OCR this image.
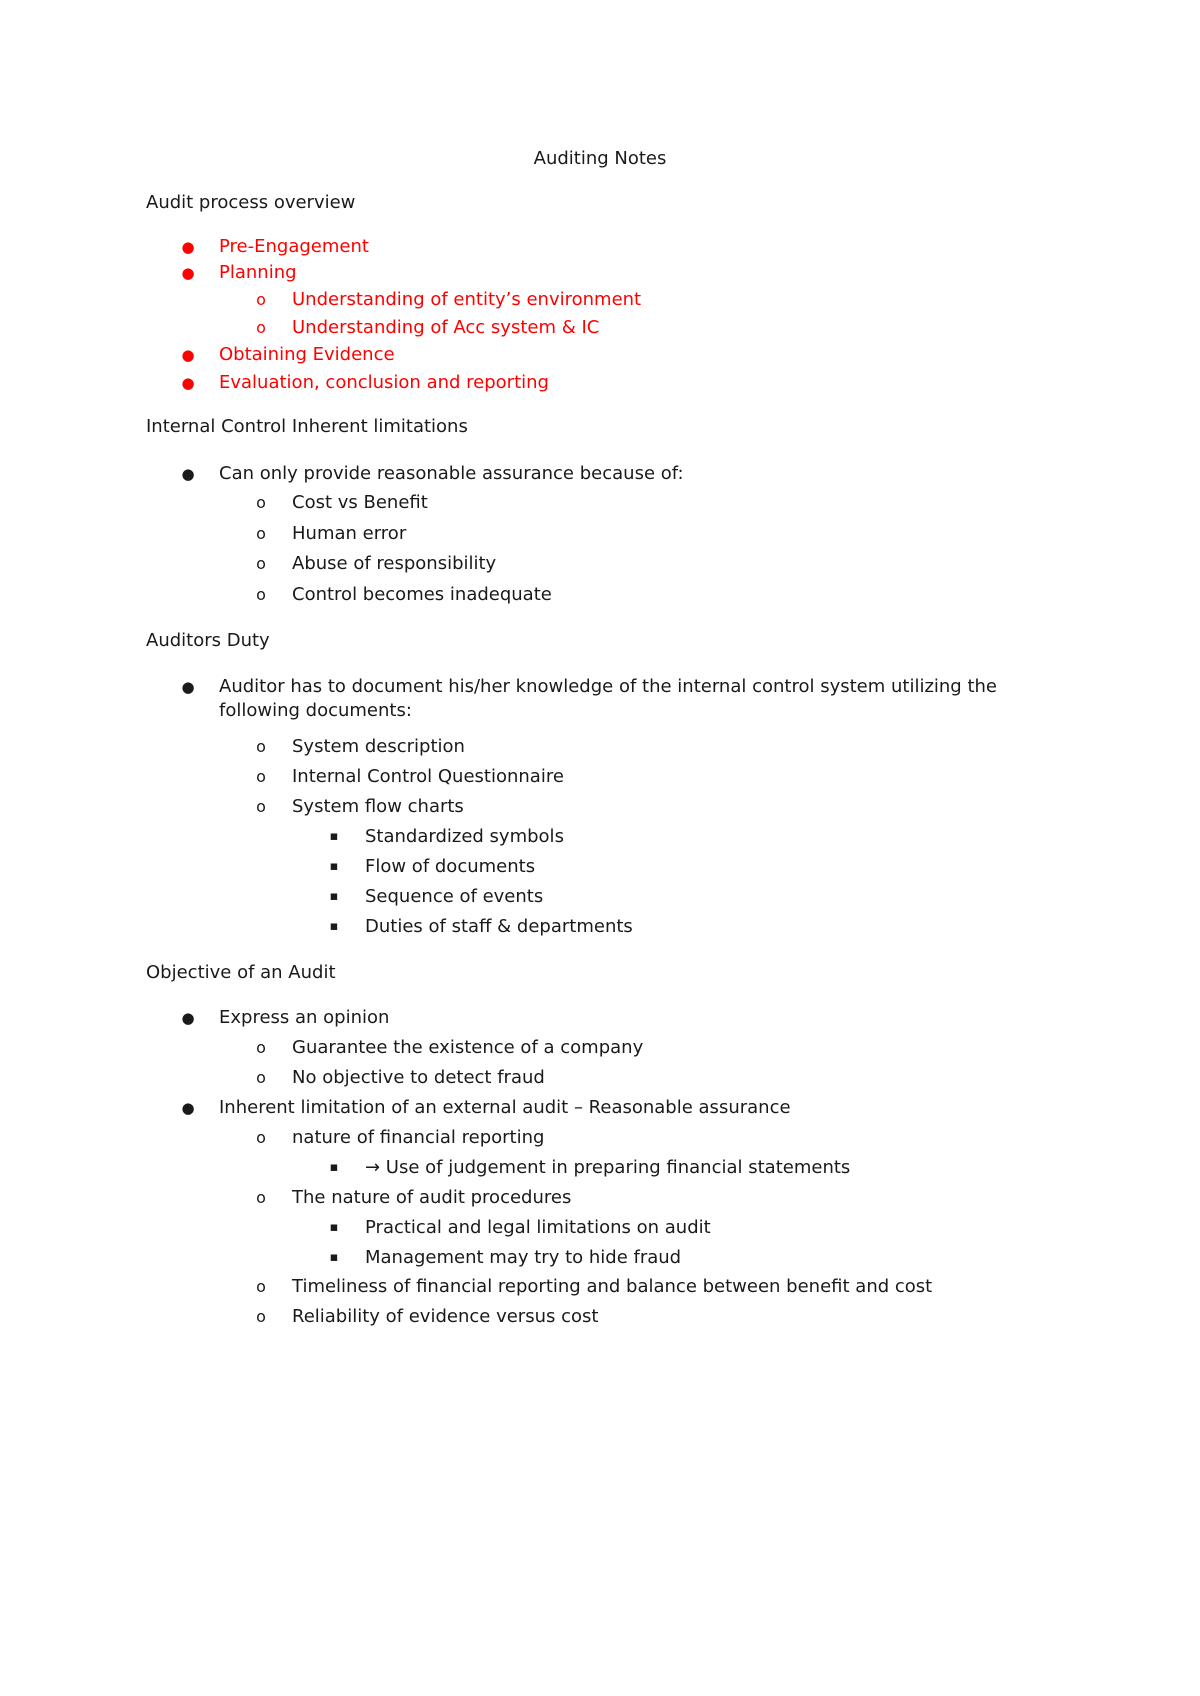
Auditing Notes
Audit process overview
● Pre-Engagement
● Planning
o Understanding of entity’s environment
o Understanding of Acc system & IC
● Obtaining Evidence
● Evaluation, conclusion and reporting
Internal Control Inherent limitations
● Can only provide reasonable assurance because of:
o Cost vs Benefit
o Human error
o Abuse of responsibility
o Control becomes inadequate
Auditors Duty
● Auditor has to document his/her knowledge of the internal control system utilizing the following documents:
o System description
o Internal Control Questionnaire
o System flow charts
▪ Standardized symbols
▪ Flow of documents
▪ Sequence of events
▪ Duties of staff & departments
Objective of an Audit
● Express an opinion
o Guarantee the existence of a company
o No objective to detect fraud
● Inherent limitation of an external audit – Reasonable assurance
o nature of financial reporting
▪ → Use of judgement in preparing financial statements
o The nature of audit procedures
▪ Practical and legal limitations on audit
▪ Management may try to hide fraud
o Timeliness of financial reporting and balance between benefit and cost
o Reliability of evidence versus cost
